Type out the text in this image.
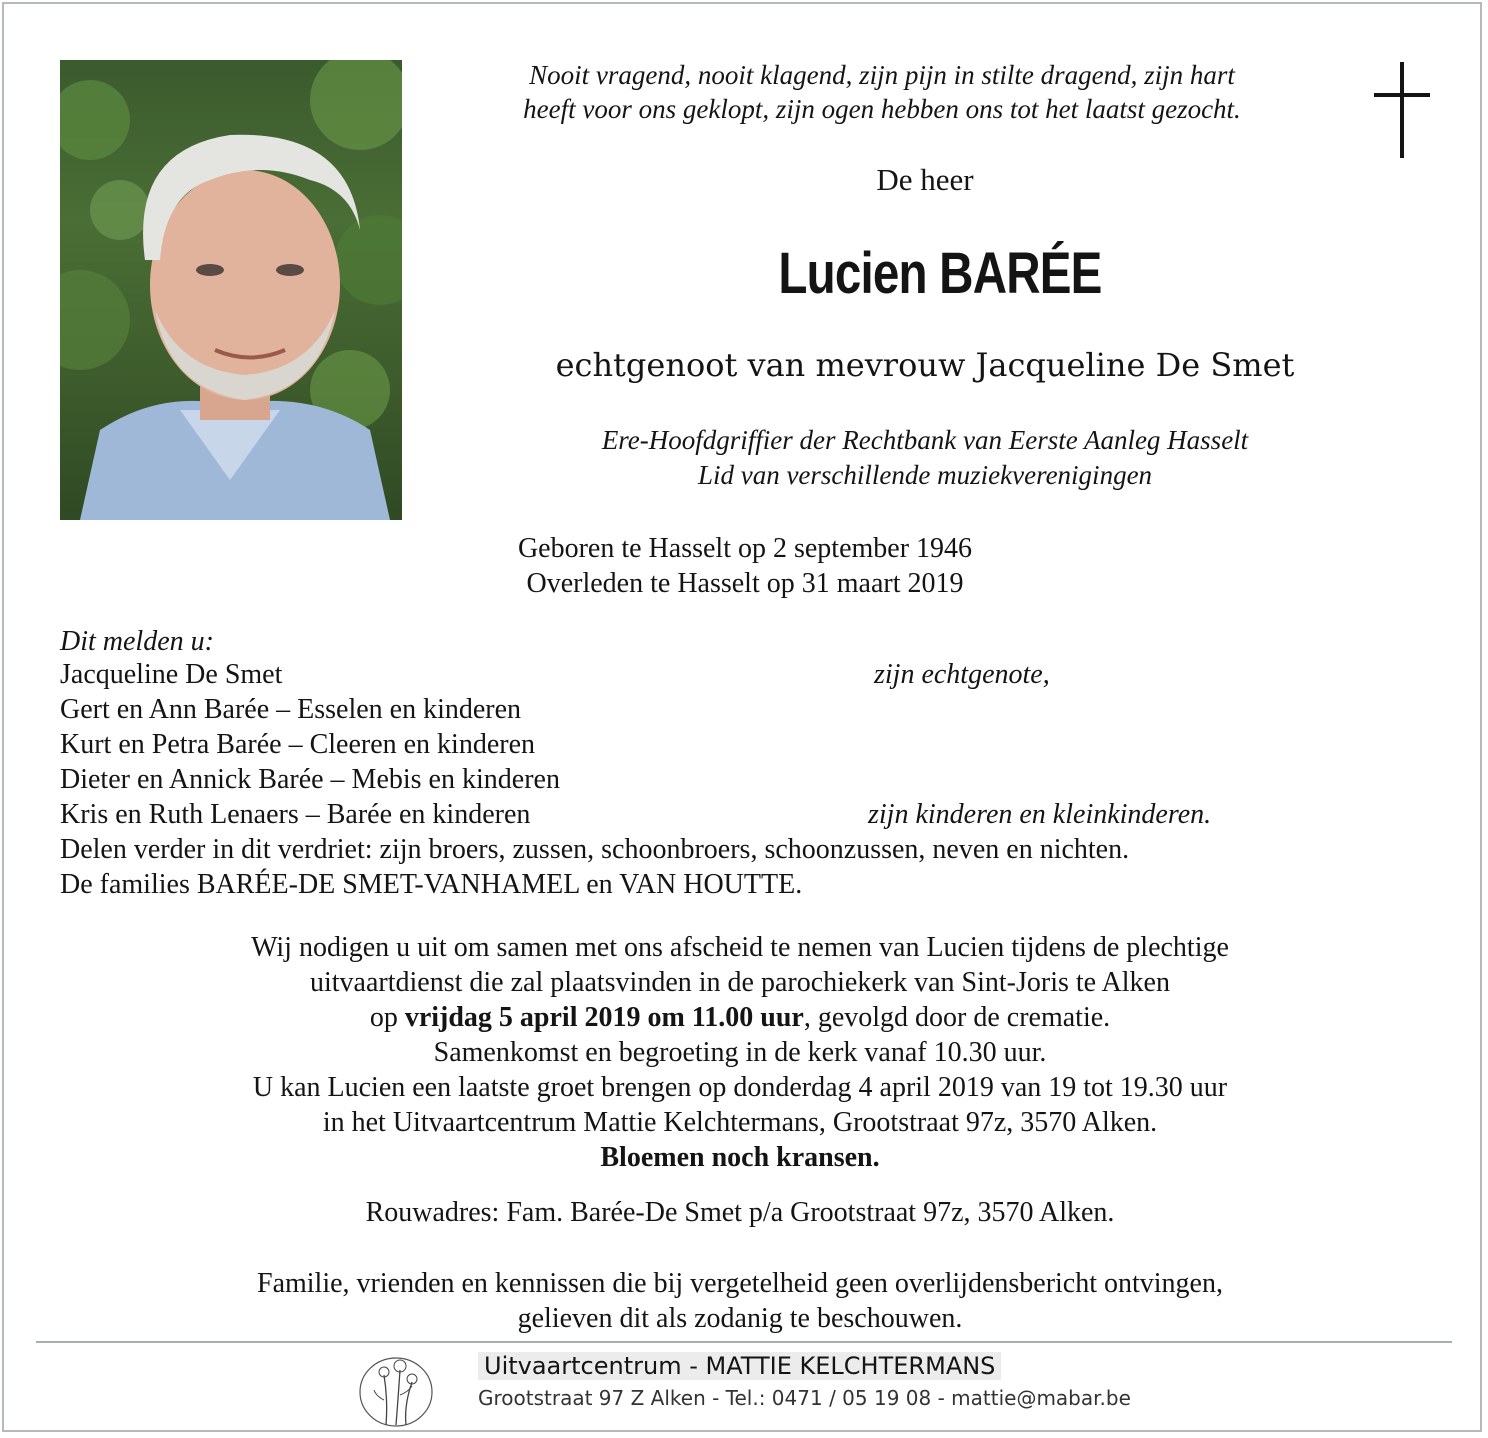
Nooit vragend, nooit klagend, zijn pijn in stilte dragend, zijn hart
heeft voor ons geklopt, zijn ogen hebben ons tot het laatst gezocht.
De heer
Lucien BARÉE
echtgenoot van mevrouw Jacqueline De Smet
Ere-Hoofdgriffier der Rechtbank van Eerste Aanleg Hasselt
Lid van verschillende muziekverenigingen
Geboren te Hasselt op 2 september 1946
Overleden te Hasselt op 31 maart 2019
Dit melden u:
Jacqueline De Smet	zijn echtgenote,
Gert en Ann Barée – Esselen en kinderen
Kurt en Petra Barée – Cleeren en kinderen
Dieter en Annick Barée – Mebis en kinderen
Kris en Ruth Lenaers – Barée en kinderen	zijn kinderen en kleinkinderen.
Delen verder in dit verdriet: zijn broers, zussen, schoonbroers, schoonzussen, neven en nichten.
De families BARÉE-DE SMET-VANHAMEL en VAN HOUTTE.
Wij nodigen u uit om samen met ons afscheid te nemen van Lucien tijdens de plechtige
uitvaartdienst die zal plaatsvinden in de parochiekerk van Sint-Joris te Alken
op vrijdag 5 april 2019 om 11.00 uur, gevolgd door de crematie.
Samenkomst en begroeting in de kerk vanaf 10.30 uur.
U kan Lucien een laatste groet brengen op donderdag 4 april 2019 van 19 tot 19.30 uur
in het Uitvaartcentrum Mattie Kelchtermans, Grootstraat 97z, 3570 Alken.
Bloemen noch kransen.
Rouwadres: Fam. Barée-De Smet p/a Grootstraat 97z, 3570 Alken.
Familie, vrienden en kennissen die bij vergetelheid geen overlijdensbericht ontvingen,
gelieven dit als zodanig te beschouwen.
Uitvaartcentrum - MATTIE KELCHTERMANS
Grootstraat 97 Z Alken - Tel.: 0471 / 05 19 08 - mattie@mabar.be
